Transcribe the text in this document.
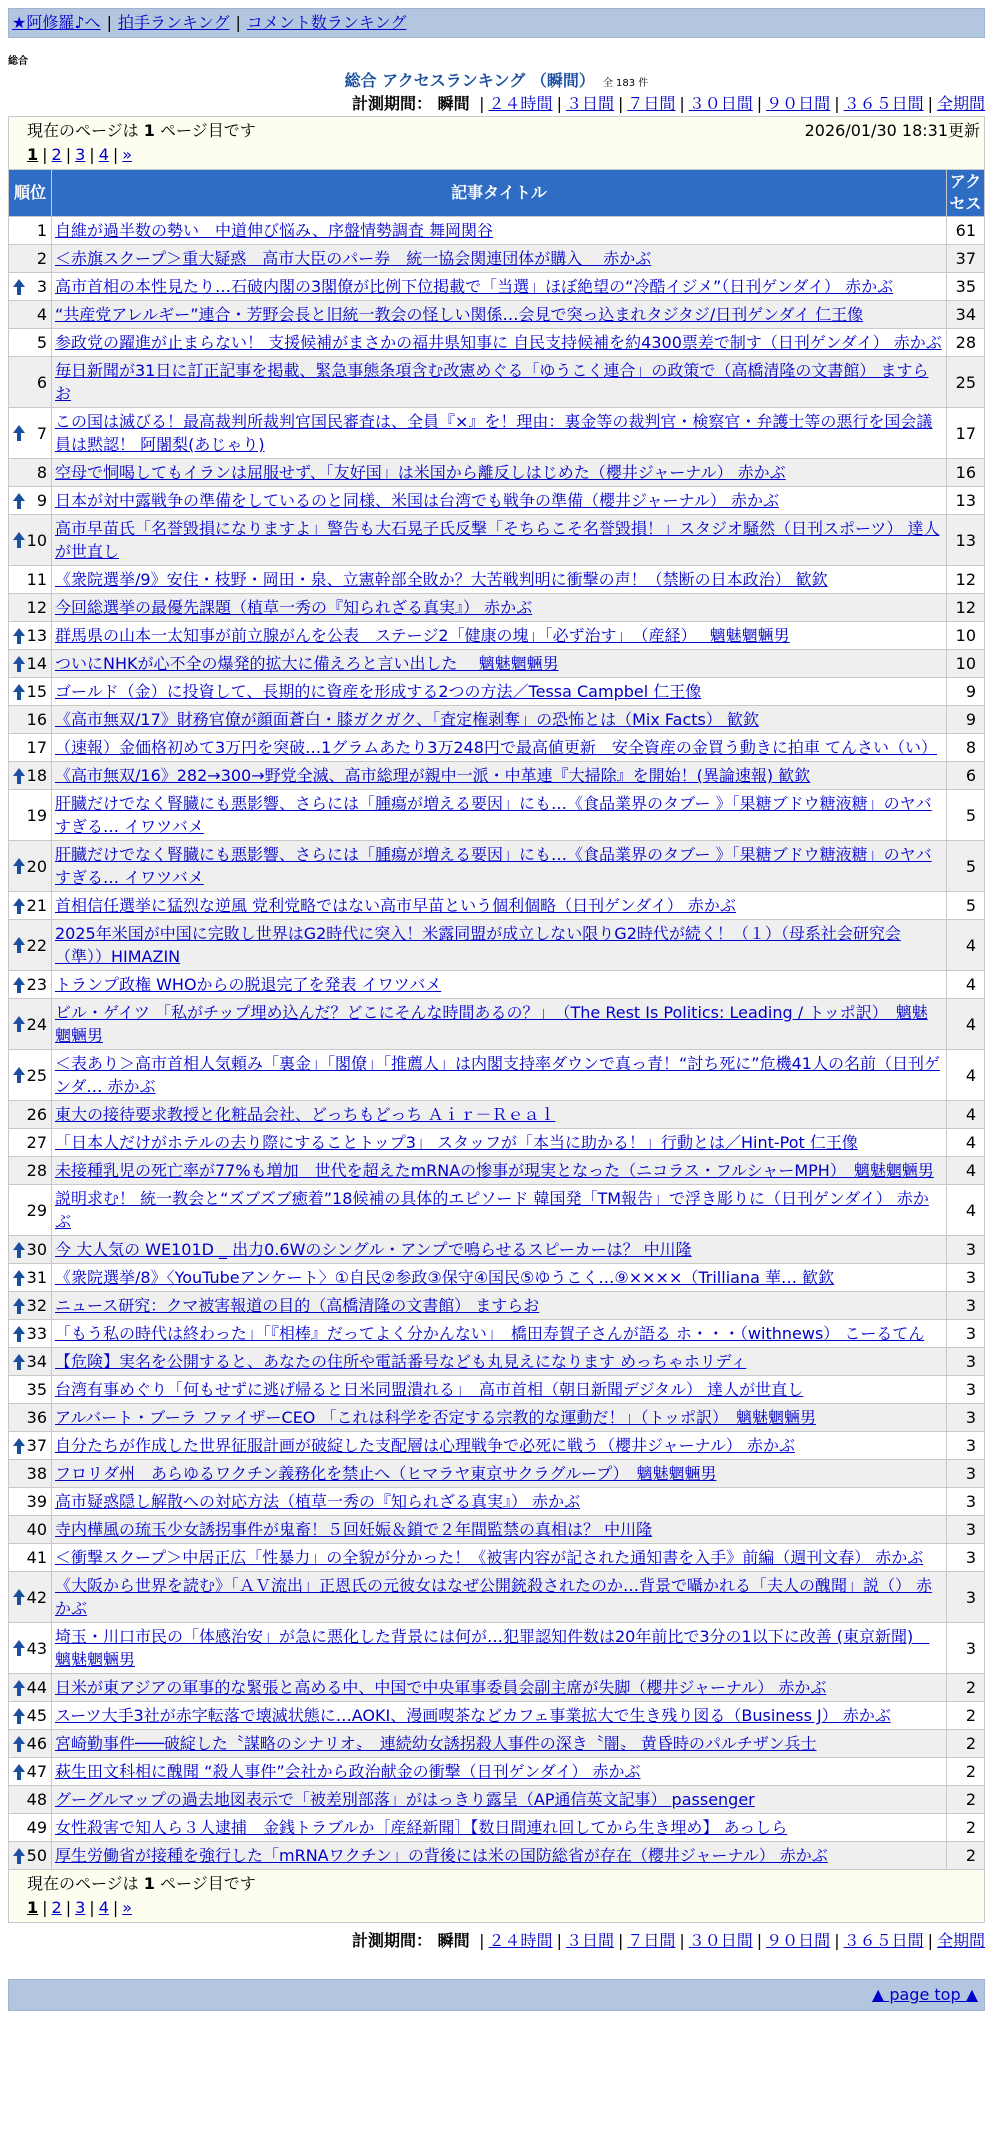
★阿修羅♪へ | 拍手ランキング | コメント数ランキング
総合
総合 アクセスランキング （瞬間） 全 183 件
計測期間： 瞬間 | ２４時間 | ３日間 | ７日間 | ３０日間 | ９０日間 | ３６５日間 | 全期間
現在のページは 1 ページ目です	2026/01/30 18:31更新
1 | 2 | 3 | 4 | »
順位	記事タイトル	アクセス
1	自維が過半数の勢い　中道伸び悩み、序盤情勢調査 舞岡関谷	61
2	＜赤旗スクープ＞重大疑惑　高市大臣のパー券　統一協会関連団体が購入　 赤かぶ	37

3	高市首相の本性見たり…石破内閣の3閣僚が比例下位掲載で「当選」ほぼ絶望の“冷酷イジメ”（日刊ゲンダイ） 赤かぶ	35
4	“共産党アレルギー”連合・芳野会長と旧統一教会の怪しい関係…会見で突っ込まれタジタジ/日刊ゲンダイ 仁王像	34
5	参政党の躍進が止まらない！ 支援候補がまさかの福井県知事に 自民支持候補を約4300票差で制す（日刊ゲンダイ） 赤かぶ	28
6	毎日新聞が31日に訂正記事を掲載、緊急事態条項含む改憲めぐる「ゆうこく連合」の政策で（高橋清隆の文書館） ますらお	25

7	この国は滅びる！最高裁判所裁判官国民審査は、全員『×』を！理由：裏金等の裁判官・検察官・弁護士等の悪行を国会議員は黙認！ 阿闍梨(あじゃり)	17
8	空母で恫喝してもイランは屈服せず、「友好国」は米国から離反しはじめた（櫻井ジャーナル） 赤かぶ	16

9	日本が対中露戦争の準備をしているのと同様、米国は台湾でも戦争の準備（櫻井ジャーナル） 赤かぶ	13

10	高市早苗氏「名誉毀損になりますよ」警告も大石晃子氏反撃「そちらこそ名誉毀損！」スタジオ騒然（日刊スポーツ） 達人が世直し	13
11	《衆院選挙/9》安住・枝野・岡田・泉、立憲幹部全敗か？大苦戦判明に衝撃の声！（禁断の日本政治） 歓欽	12
12	今回総選挙の最優先課題（植草一秀の『知られざる真実』） 赤かぶ	12

13	群馬県の山本一太知事が前立腺がんを公表　ステージ2「健康の塊」「必ず治す」　（産経）　 魑魅魍魎男	10

14	ついにNHKが心不全の爆発的拡大に備えろと言い出した　 魑魅魍魎男	10

15	ゴールド（金）に投資して、長期的に資産を形成する2つの方法／Tessa Campbel 仁王像	9
16	《高市無双/17》財務官僚が顔面蒼白・膝ガクガク、「査定権剥奪」の恐怖とは（Mix Facts） 歓欽	9
17	（速報）金価格初めて3万円を突破…1グラムあたり3万248円で最高値更新　安全資産の金買う動きに拍車 てんさい（い）	8

18	《高市無双/16》282→300→野党全滅、高市総理が親中一派・中革連『大掃除』を開始！(異論速報) 歓欽	6
19	肝臓だけでなく腎臓にも悪影響、さらには「腫瘍が増える要因」にも…《食品業界のタブー 》「果糖ブドウ糖液糖」のヤバすぎる… イワツバメ	5

20	肝臓だけでなく腎臓にも悪影響、さらには「腫瘍が増える要因」にも…《食品業界のタブー 》「果糖ブドウ糖液糖」のヤバすぎる… イワツバメ	5

21	首相信任選挙に猛烈な逆風 党利党略ではない高市早苗という個利個略（日刊ゲンダイ） 赤かぶ	5

22	2025年米国が中国に完敗し世界はG2時代に突入！米露同盟が成立しない限りG2時代が続く！（１）（母系社会研究会（準））HIMAZIN	4

23	トランプ政権 WHOからの脱退完了を発表 イワツバメ	4

24	ビル・ゲイツ 「私がチップ埋め込んだ？どこにそんな時間あるの？」　（The Rest Is Politics: Leading / トッポ訳）　魑魅魍魎男	4

25	＜表あり＞高市首相人気頼み「裏金」「閣僚」「推薦人」は内閣支持率ダウンで真っ青！“討ち死に”危機41人の名前（日刊ゲンダ… 赤かぶ	4
26	東大の接待要求教授と化粧品会社、どっちもどっち Ａｉｒ－Ｒｅａｌ	4
27	「日本人だけがホテルの去り際にすることトップ3」 スタッフが「本当に助かる！」行動とは／Hint-Pot 仁王像	4
28	未接種乳児の死亡率が77%も増加　世代を超えたmRNAの惨事が現実となった（ニコラス・フルシャーMPH）　魑魅魍魎男	4
29	説明求む！ 統一教会と“ズブズブ癒着”18候補の具体的エピソード 韓国発「TM報告」で浮き彫りに（日刊ゲンダイ） 赤かぶ	4

30	今 大人気の WE101D _ 出力0.6Wのシングル・アンプで鳴らせるスピーカーは？ 中川隆	3

31	《衆院選挙/8》〈YouTubeアンケート〉①自民②参政③保守④国民⑤ゆうこく…⑨××××（Trilliana 華… 歓欽	3

32	ニュース研究：クマ被害報道の目的（高橋清隆の文書館） ますらお	3

33	「もう私の時代は終わった」「『相棒』だってよく分かんない」　橋田寿賀子さんが語る ホ・・・（withnews） こーるてん	3

34	【危険】実名を公開すると、あなたの住所や電話番号なども丸見えになります めっちゃホリディ	3
35	台湾有事めぐり「何もせずに逃げ帰ると日米同盟潰れる」　高市首相（朝日新聞デジタル） 達人が世直し	3
36	アルバート・ブーラ ファイザーCEO 「これは科学を否定する宗教的な運動だ！」（トッポ訳）　魑魅魍魎男	3

37	自分たちが作成した世界征服計画が破綻した支配層は心理戦争で必死に戦う（櫻井ジャーナル） 赤かぶ	3
38	フロリダ州　あらゆるワクチン義務化を禁止へ（ヒマラヤ東京サクラグループ）　魑魅魍魎男	3
39	高市疑惑隠し解散への対応方法（植草一秀の『知られざる真実』） 赤かぶ	3
40	寺内樺風の琉玉少女誘拐事件が鬼畜！５回妊娠＆鎖で２年間監禁の真相は？ 中川隆	3
41	＜衝撃スクープ＞中居正広「性暴力」の全貌が分かった！《被害内容が記された通知書を入手》前編（週刊文春） 赤かぶ	3

42	《大阪から世界を読む》「ＡＶ流出」正恩氏の元彼女はなぜ公開銃殺されたのか…背景で囁かれる「夫人の醜聞」説（） 赤かぶ	3

43	埼玉・川口市民の「体感治安」が急に悪化した背景には何が…犯罪認知件数は20年前比で3分の1以下に改善 (東京新聞)　魑魅魍魎男	3

44	日米が東アジアの軍事的な緊張と高める中、中国で中央軍事委員会副主席が失脚（櫻井ジャーナル） 赤かぶ	2

45	スーツ大手3社が赤字転落で壊滅状態に…AOKI、漫画喫茶などカフェ事業拡大で生き残り図る（Business J） 赤かぶ	2

46	宮崎勤事件───破綻した〝謀略のシナリオ〟　連続幼女誘拐殺人事件の深き〝闇〟 黄昏時のパルチザン兵士	2

47	萩生田文科相に醜聞 “殺人事件”会社から政治献金の衝撃（日刊ゲンダイ） 赤かぶ	2
48	グーグルマップの過去地図表示で「被差別部落」がはっきり露呈（AP通信英文記事） passenger	2
49	女性殺害で知人ら３人逮捕　金銭トラブルか［産経新聞］【数日間連れ回してから生き埋め】 あっしら	2

50	厚生労働省が接種を強行した「mRNAワクチン」の背後には米の国防総省が存在（櫻井ジャーナル） 赤かぶ	2
現在のページは 1 ページ目です
1 | 2 | 3 | 4 | »
計測期間： 瞬間 | ２４時間 | ３日間 | ７日間 | ３０日間 | ９０日間 | ３６５日間 | 全期間
▲ page top ▲
